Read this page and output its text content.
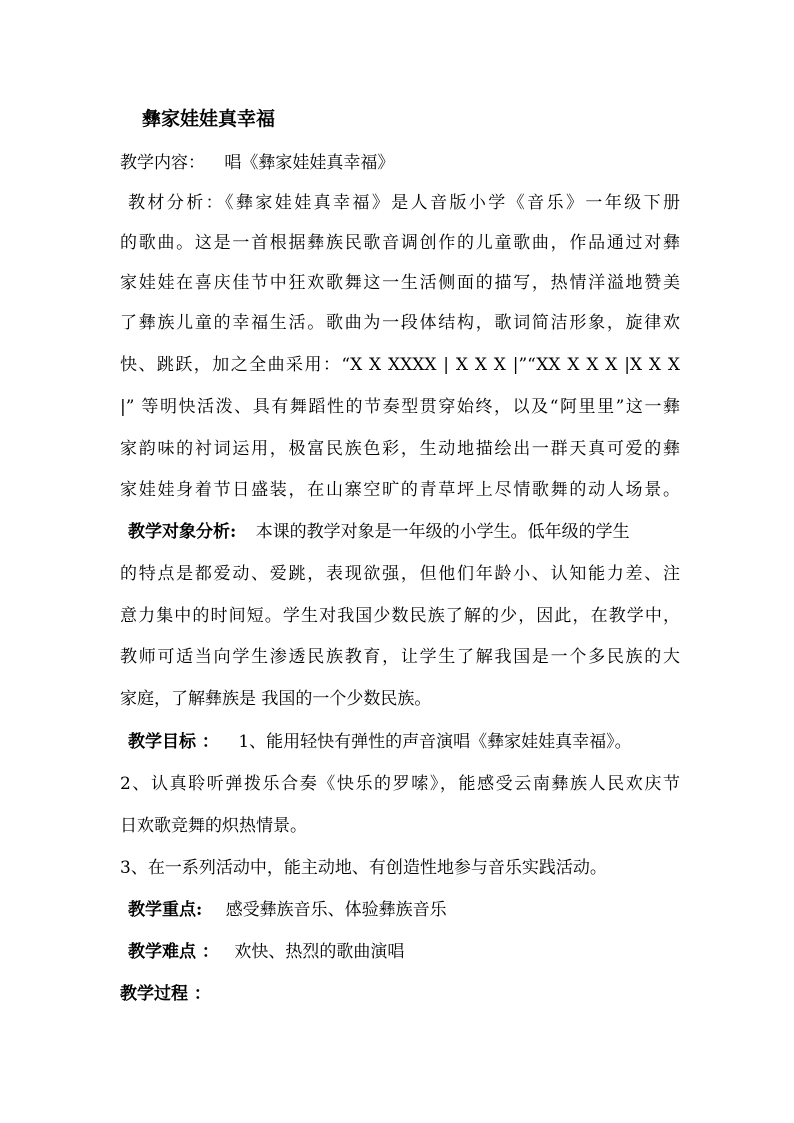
彝家娃娃真幸福
教学内容： 唱《彝家娃娃真幸福》
教材分析：《彝家娃娃真幸福》是人音版小学《音乐》一年级下册
的歌曲。这是一首根据彝族民歌音调创作的儿童歌曲，作品通过对彝
家娃娃在喜庆佳节中狂欢歌舞这一生活侧面的描写，热情洋溢地赞美
了彝族儿童的幸福生活。歌曲为一段体结构，歌词简洁形象，旋律欢
快、跳跃，加之全曲采用：“X X XXXX | X X X |”“XX X X X |X X X
|” 等明快活泼、具有舞蹈性的节奏型贯穿始终，以及“阿里里”这一彝
家韵味的衬词运用，极富民族色彩，生动地描绘出一群天真可爱的彝
家娃娃身着节日盛装，在山寨空旷的青草坪上尽情歌舞的动人场景。
教学对象分析: 本课的教学对象是一年级的小学生。低年级的学生
的特点是都爱动、爱跳，表现欲强，但他们年龄小、认知能力差、注
意力集中的时间短。学生对我国少数民族了解的少，因此，在教学中，
教师可适当向学生渗透民族教育，让学生了解我国是一个多民族的大
家庭，了解彝族是 我国的一个少数民族。
教学目标 ： 1、能用轻快有弹性的声音演唱《彝家娃娃真幸福》。
2、认真聆听弹拨乐合奏《快乐的罗嗦》，能感受云南彝族人民欢庆节
日欢歌竞舞的炽热情景。
3、在一系列活动中，能主动地、有创造性地参与音乐实践活动。
教学重点: 感受彝族音乐、体验彝族音乐
教学难点 ： 欢快、热烈的歌曲演唱
教学过程 ：
